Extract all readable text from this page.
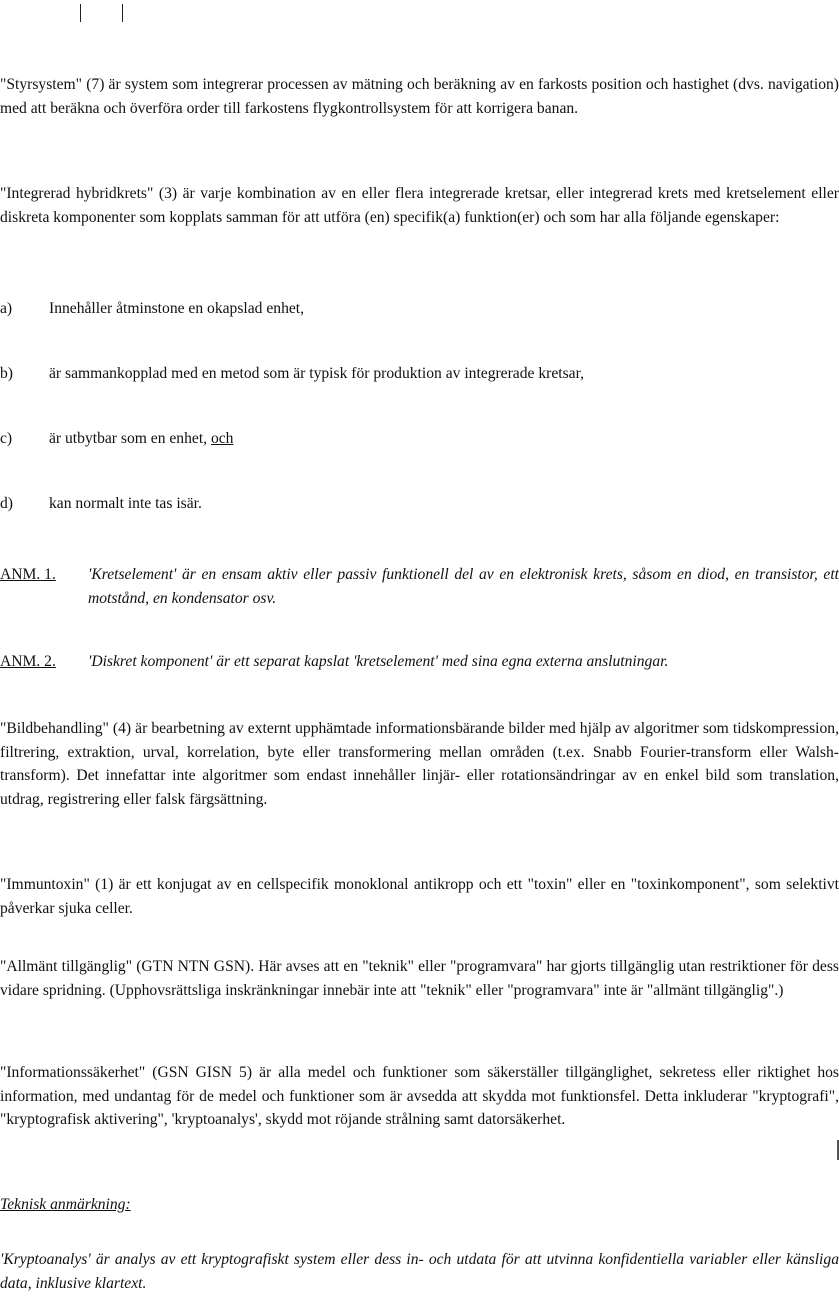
"Styrsystem" (7) är system som integrerar processen av mätning och beräkning av en farkosts position och hastighet (dvs. navigation) med att beräkna och överföra order till farkostens flygkontrollsystem för att korrigera banan.

"Integrerad hybridkrets" (3) är varje kombination av en eller flera integrerade kretsar, eller integrerad krets med kretselement eller diskreta komponenter som kopplats samman för att utföra (en) specifik(a) funktion(er) och som har alla följande egenskaper:

a) Innehåller åtminstone en okapslad enhet,
b) är sammankopplad med en metod som är typisk för produktion av integrerade kretsar,
c) är utbytbar som en enhet, och
d) kan normalt inte tas isär.
ANM. 1. 'Kretselement' är en ensam aktiv eller passiv funktionell del av en elektronisk krets, såsom en diod, en transistor, ett motstånd, en kondensator osv.
ANM. 2. 'Diskret komponent' är ett separat kapslat 'kretselement' med sina egna externa anslutningar.

"Bildbehandling" (4) är bearbetning av externt upphämtade informationsbärande bilder med hjälp av algoritmer som tidskompression, filtrering, extraktion, urval, korrelation, byte eller transformering mellan områden (t.ex. Snabb Fourier-transform eller Walsh-transform). Det innefattar inte algoritmer som endast innehåller linjär- eller rotationsändringar av en enkel bild som translation, utdrag, registrering eller falsk färgsättning.

"Immuntoxin" (1) är ett konjugat av en cellspecifik monoklonal antikropp och ett "toxin" eller en "toxinkomponent", som selektivt påverkar sjuka celler.

"Allmänt tillgänglig" (GTN NTN GSN). Här avses att en "teknik" eller "programvara" har gjorts tillgänglig utan restriktioner för dess vidare spridning. (Upphovsrättsliga inskränkningar innebär inte att "teknik" eller "programvara" inte är "allmänt tillgänglig".)

"Informationssäkerhet" (GSN GISN 5) är alla medel och funktioner som säkerställer tillgänglighet, sekretess eller riktighet hos information, med undantag för de medel och funktioner som är avsedda att skydda mot funktionsfel. Detta inkluderar "kryptografi", "kryptografisk aktivering", 'kryptoanalys', skydd mot röjande strålning samt datorsäkerhet.

Teknisk anmärkning:

'Kryptoanalys' är analys av ett kryptografiskt system eller dess in- och utdata för att utvinna konfidentiella variabler eller känsliga data, inklusive klartext.
